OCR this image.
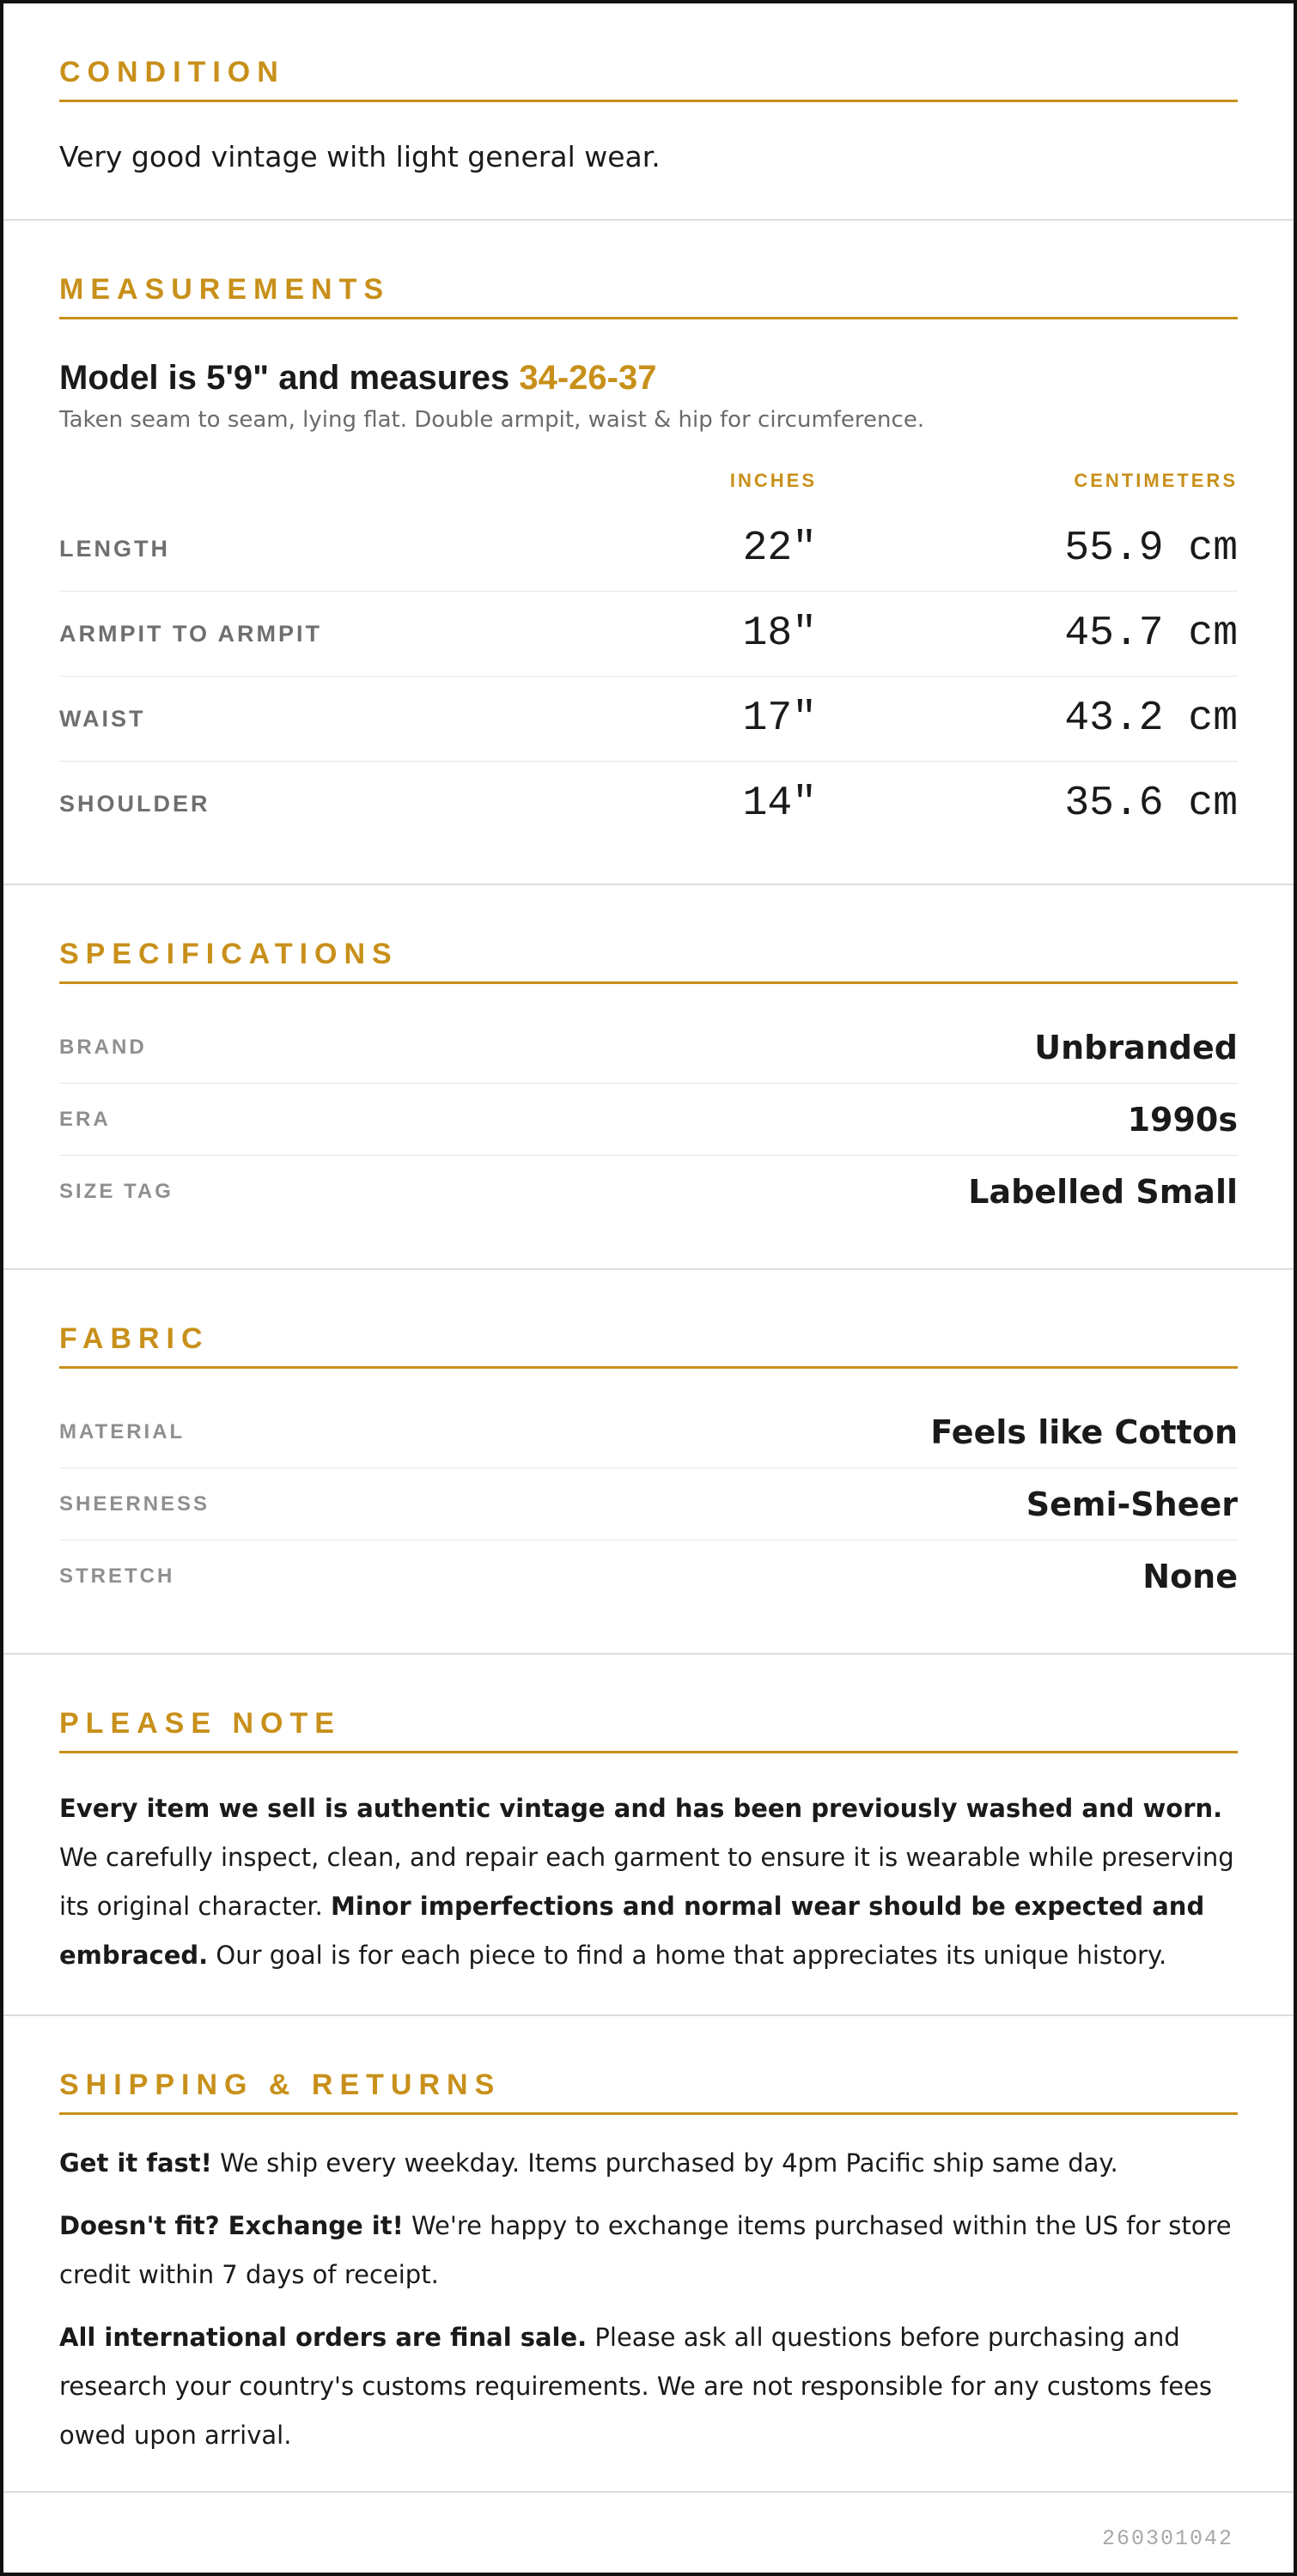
CONDITION
Very good vintage with light general wear.
MEASUREMENTS
Model is 5'9" and measures 34-26-37
Taken seam to seam, lying flat. Double armpit, waist & hip for circumference.
INCHES	CENTIMETERS
LENGTH	22"	55.9 cm
ARMPIT TO ARMPIT	18"	45.7 cm
WAIST	17"	43.2 cm
SHOULDER	14"	35.6 cm
SPECIFICATIONS
BRAND	Unbranded
ERA	1990s
SIZE TAG	Labelled Small
FABRIC
MATERIAL	Feels like Cotton
SHEERNESS	Semi-Sheer
STRETCH	None
PLEASE NOTE

Every item we sell is authentic vintage and has been previously washed and worn. We carefully inspect, clean, and repair each garment to ensure it is wearable while preserving its original character. Minor imperfections and normal wear should be expected and embraced. Our goal is for each piece to find a home that appreciates its unique history.

SHIPPING & RETURNS

Get it fast! We ship every weekday. Items purchased by 4pm Pacific ship same day.

Doesn't fit? Exchange it! We're happy to exchange items purchased within the US for store credit within 7 days of receipt.

All international orders are final sale. Please ask all questions before purchasing and research your country's customs requirements. We are not responsible for any customs fees owed upon arrival.

260301042
